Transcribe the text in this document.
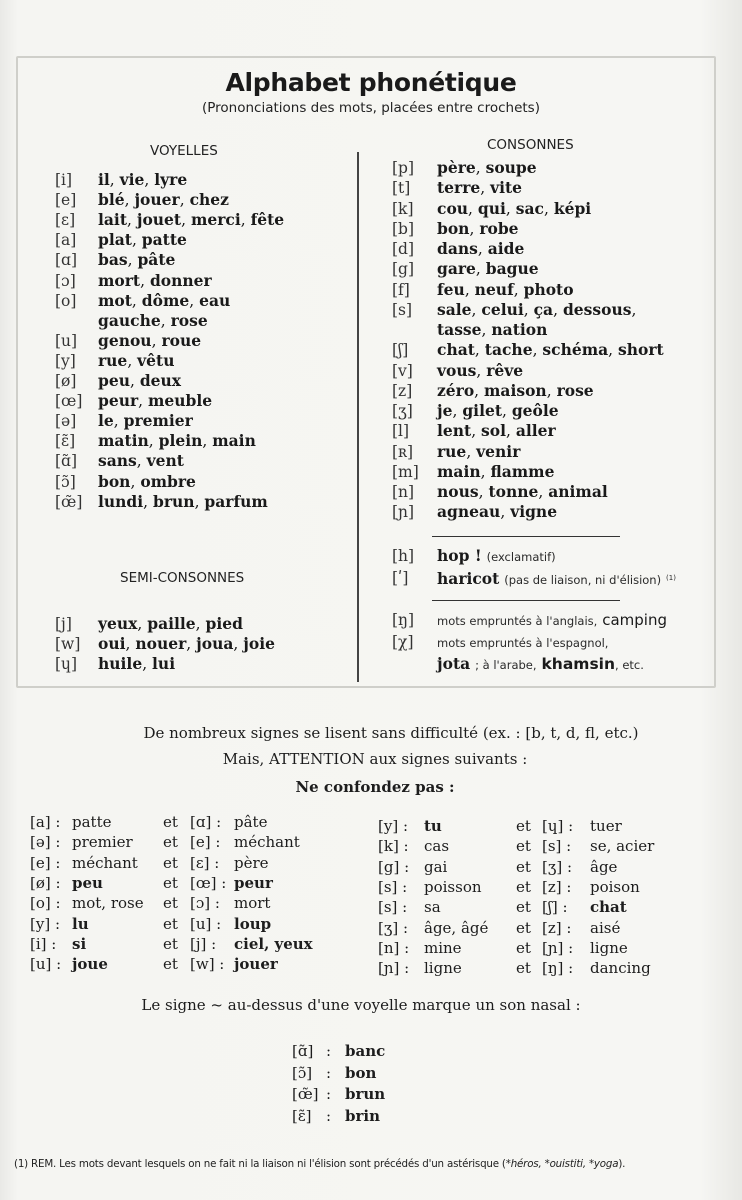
Alphabet phonétique
(Prononciations des mots, placées entre crochets)
VOYELLES	CONSONNES
SEMI-CONSONNES
[i]	il, vie, lyre
[e]	blé, jouer, chez
[ɛ]	lait, jouet, merci, fête
[a]	plat, patte
[ɑ]	bas, pâte
[ɔ]	mort, donner
[o]	mot, dôme, eau
gauche, rose
[u]	genou, roue
[y]	rue, vêtu
[ø]	peu, deux
[œ]	peur, meuble
[ə]	le, premier
[ɛ̃]	matin, plein, main
[ɑ̃]	sans, vent
[ɔ̃]	bon, ombre
[œ̃]	lundi, brun, parfum
[j]	yeux, paille, pied
[w]	oui, nouer, joua, joie
[ɥ]	huile, lui
[p]	père, soupe
[t]	terre, vite
[k]	cou, qui, sac, képi
[b]	bon, robe
[d]	dans, aide
[g]	gare, bague
[f]	feu, neuf, photo
[s]	sale, celui, ça, dessous,
tasse, nation
[ʃ]	chat, tache, schéma, short
[v]	vous, rêve
[z]	zéro, maison, rose
[ʒ]	je, gilet, geôle
[l]	lent, sol, aller
[ʀ]	rue, venir
[m]	main, flamme
[n]	nous, tonne, animal
[ɲ]	agneau, vigne
[h]	hop ! (exclamatif)
[ʹ]	haricot (pas de liaison, ni d'élision) $^{(1)}$
[ŋ]	mots empruntés à l'anglais, camping
[χ]	mots empruntés à l'espagnol,
jota ; à l'arabe, khamsin, etc.
De nombreux signes se lisent sans difficulté (ex. : [b, t, d, fl, etc.)
Mais, ATTENTION aux signes suivants :
Ne confondez pas :
[a] : patte	et [ɑ] : pâte
[ə] : premier et [e] : méchant
[e] : méchant et [ɛ] : père
[ø] : peu	et [œ] : peur
[o] : mot, rose et [ɔ] : mort
[y] : lu	et [u] : loup
[i] : si	et [j] : ciel, yeux
[u] : joue	et [w] : jouer
[y] : tu	et [ɥ] : tuer
[k] : cas	et [s] : se, acier
[g] : gai	et [ʒ] : âge
[s] : poisson et [z] : poison
[s] : sa	et [ʃ] : chat
[ʒ] : âge, âgé et [z] : aisé
[n] : mine	et [ɲ] : ligne
[ɲ] : ligne	et [ŋ] : dancing
Le signe ~ au-dessus d'une voyelle marque un son nasal :
[ɑ̃] : banc
[ɔ̃] : bon
[œ̃] : brun
[ɛ̃] : brin
(1) REM. Les mots devant lesquels on ne fait ni la liaison ni l'élision sont précédés d'un astérisque (*héros, *ouistiti, *yoga).
